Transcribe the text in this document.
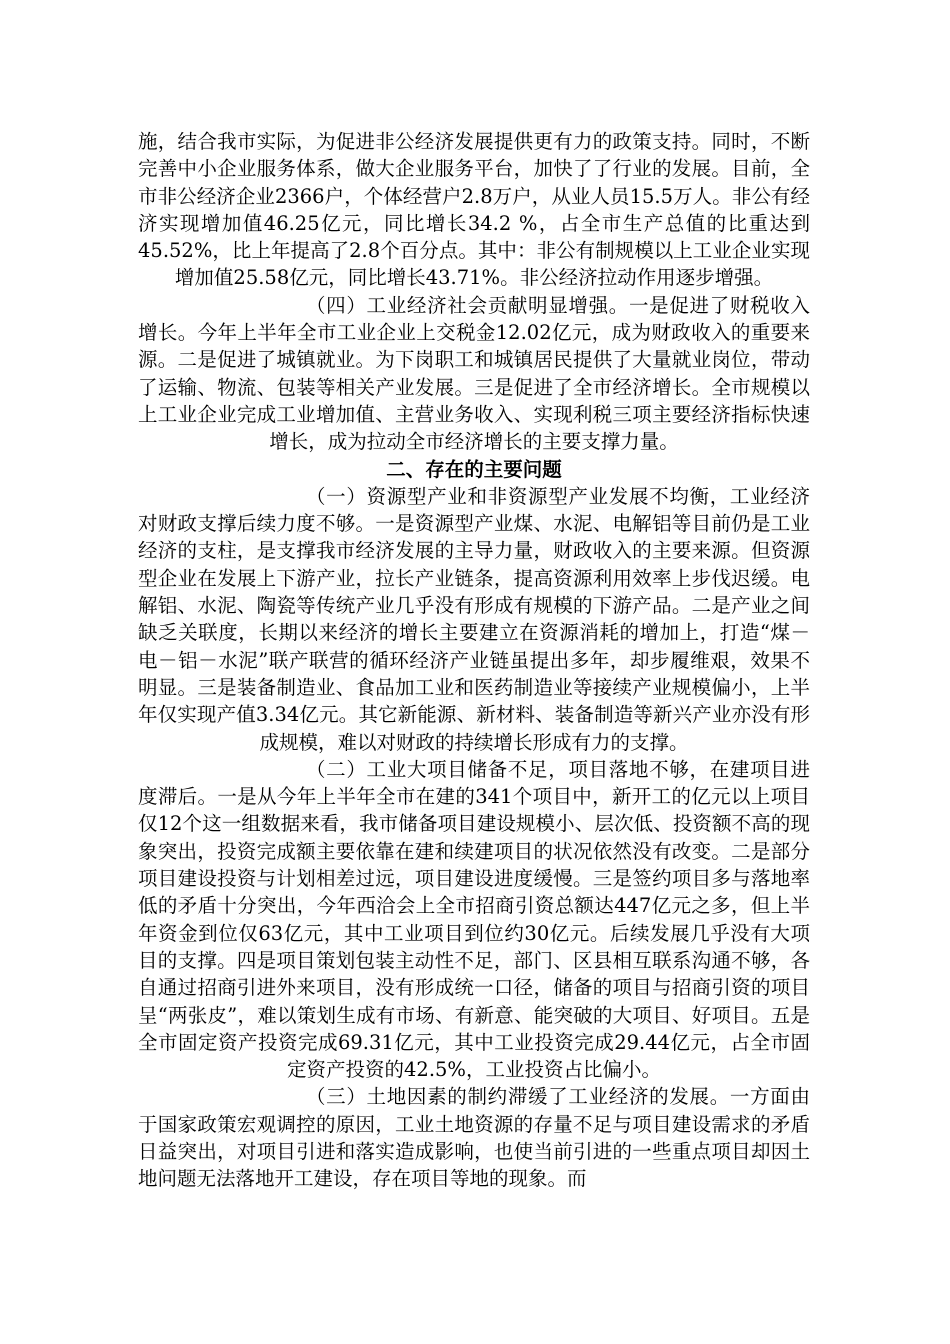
施，结合我市实际，为促进非公经济发展提供更有力的政策支持。同时，不断完善中小企业服务体系，做大企业服务平台，加快了了行业的发展。目前，全市非公经济企业2366户，个体经营户2.8万户，从业人员15.5万人。非公有经济实现增加值46.25亿元，同比增长34.2 %，占全市生产总值的比重达到45.52%，比上年提高了2.8个百分点。其中：非公有制规模以上工业企业实现增加值25.58亿元，同比增长43.71%。非公经济拉动作用逐步增强。

（四）工业经济社会贡献明显增强。一是促进了财税收入增长。今年上半年全市工业企业上交税金12.02亿元，成为财政收入的重要来源。二是促进了城镇就业。为下岗职工和城镇居民提供了大量就业岗位，带动了运输、物流、包装等相关产业发展。三是促进了全市经济增长。全市规模以上工业企业完成工业增加值、主营业务收入、实现利税三项主要经济指标快速增长，成为拉动全市经济增长的主要支撑力量。

二、存在的主要问题

（一）资源型产业和非资源型产业发展不均衡，工业经济对财政支撑后续力度不够。一是资源型产业煤、水泥、电解铝等目前仍是工业经济的支柱，是支撑我市经济发展的主导力量，财政收入的主要来源。但资源型企业在发展上下游产业，拉长产业链条，提高资源利用效率上步伐迟缓。电解铝、水泥、陶瓷等传统产业几乎没有形成有规模的下游产品。二是产业之间缺乏关联度，长期以来经济的增长主要建立在资源消耗的增加上，打造“煤－电－铝－水泥”联产联营的循环经济产业链虽提出多年，却步履维艰，效果不明显。三是装备制造业、食品加工业和医药制造业等接续产业规模偏小，上半年仅实现产值3.34亿元。其它新能源、新材料、装备制造等新兴产业亦没有形成规模，难以对财政的持续增长形成有力的支撑。

（二）工业大项目储备不足，项目落地不够，在建项目进度滞后。一是从今年上半年全市在建的341个项目中，新开工的亿元以上项目仅12个这一组数据来看，我市储备项目建设规模小、层次低、投资额不高的现象突出，投资完成额主要依靠在建和续建项目的状况依然没有改变。二是部分项目建设投资与计划相差过远，项目建设进度缓慢。三是签约项目多与落地率低的矛盾十分突出，今年西洽会上全市招商引资总额达447亿元之多，但上半年资金到位仅63亿元，其中工业项目到位约30亿元。后续发展几乎没有大项目的支撑。四是项目策划包装主动性不足，部门、区县相互联系沟通不够，各自通过招商引进外来项目，没有形成统一口径，储备的项目与招商引资的项目呈“两张皮”，难以策划生成有市场、有新意、能突破的大项目、好项目。五是全市固定资产投资完成69.31亿元，其中工业投资完成29.44亿元，占全市固定资产投资的42.5%，工业投资占比偏小。

（三）土地因素的制约滞缓了工业经济的发展。一方面由于国家政策宏观调控的原因，工业土地资源的存量不足与项目建设需求的矛盾日益突出，对项目引进和落实造成影响，也使当前引进的一些重点项目却因土地问题无法落地开工建设，存在项目等地的现象。而
